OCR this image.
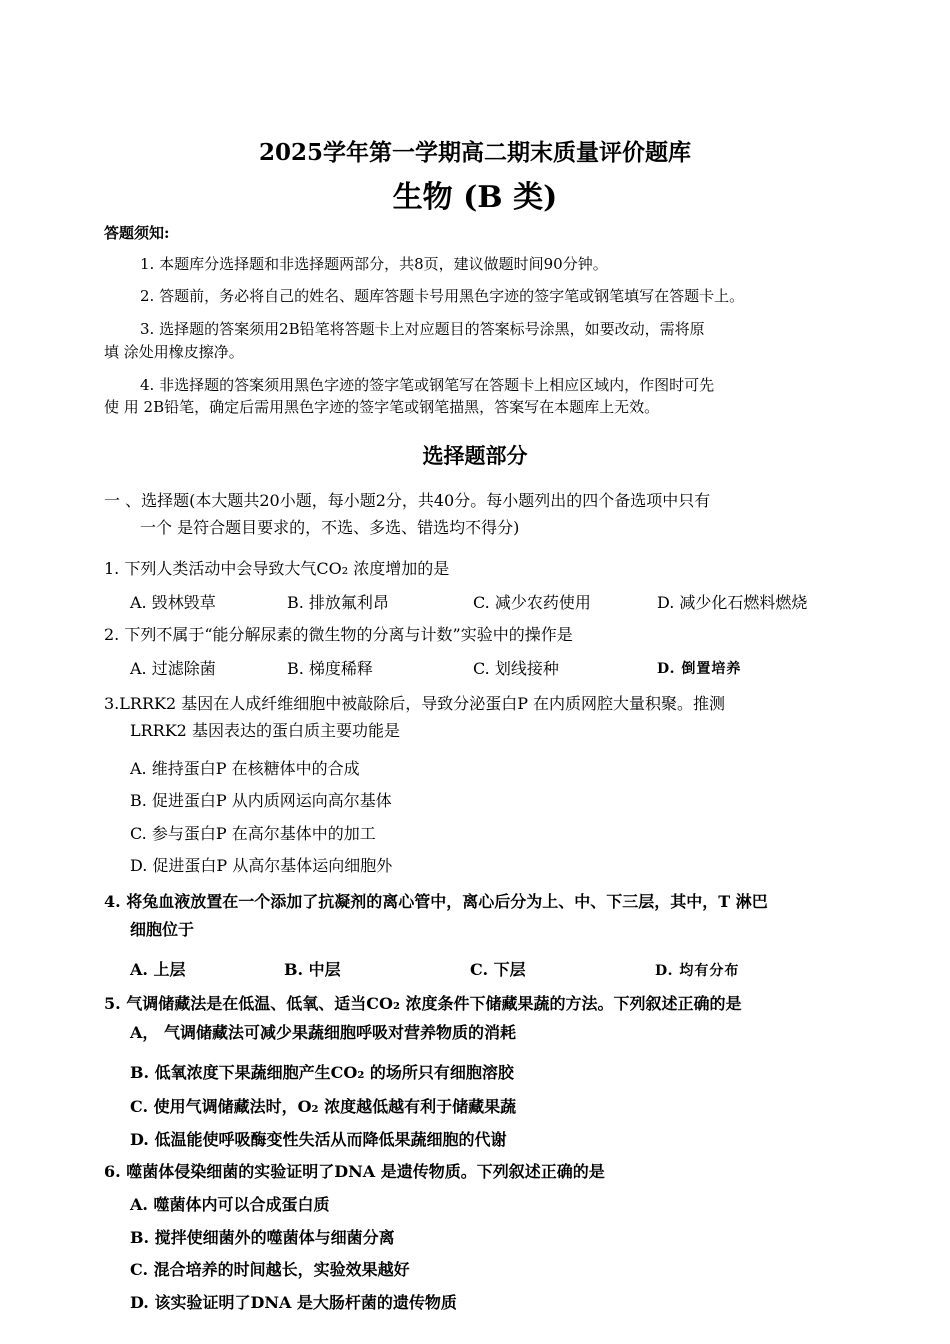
2025学年第一学期高二期末质量评价题库
生物 (B 类)
答题须知:
1. 本题库分选择题和非选择题两部分，共8页，建议做题时间90分钟。
2. 答题前，务必将自己的姓名、题库答题卡号用黑色字迹的签字笔或钢笔填写在答题卡上。
3. 选择题的答案须用2B铅笔将答题卡上对应题目的答案标号涂黑，如要改动，需将原
填 涂处用橡皮擦净。
4. 非选择题的答案须用黑色字迹的签字笔或钢笔写在答题卡上相应区域内，作图时可先
使 用 2B铅笔，确定后需用黑色字迹的签字笔或钢笔描黑，答案写在本题库上无效。
选择题部分
一 、选择题(本大题共20小题，每小题2分，共40分。每小题列出的四个备选项中只有
一个 是符合题目要求的，不选、多选、错选均不得分)
1. 下列人类活动中会导致大气CO₂ 浓度增加的是
A. 毁林毁草	B. 排放氟利昂	C. 减少农药使用	D. 减少化石燃料燃烧
2. 下列不属于“能分解尿素的微生物的分离与计数”实验中的操作是
A. 过滤除菌	B. 梯度稀释	C. 划线接种	D. 倒置培养
3.LRRK2 基因在人成纤维细胞中被敲除后，导致分泌蛋白P 在内质网腔大量积聚。推测
LRRK2 基因表达的蛋白质主要功能是
A. 维持蛋白P 在核糖体中的合成
B. 促进蛋白P 从内质网运向高尔基体
C. 参与蛋白P 在高尔基体中的加工
D. 促进蛋白P 从高尔基体运向细胞外
4. 将兔血液放置在一个添加了抗凝剂的离心管中，离心后分为上、中、下三层，其中，T 淋巴
细胞位于
A. 上层	B. 中层	C. 下层	D. 均有分布
5. 气调储藏法是在低温、低氧、适当CO₂ 浓度条件下储藏果蔬的方法。下列叙述正确的是
A， 气调储藏法可减少果蔬细胞呼吸对营养物质的消耗
B. 低氧浓度下果蔬细胞产生CO₂ 的场所只有细胞溶胶
C. 使用气调储藏法时，O₂ 浓度越低越有利于储藏果蔬
D. 低温能使呼吸酶变性失活从而降低果蔬细胞的代谢
6. 噬菌体侵染细菌的实验证明了DNA 是遗传物质。下列叙述正确的是
A. 噬菌体内可以合成蛋白质
B. 搅拌使细菌外的噬菌体与细菌分离
C. 混合培养的时间越长，实验效果越好
D. 该实验证明了DNA 是大肠杆菌的遗传物质
